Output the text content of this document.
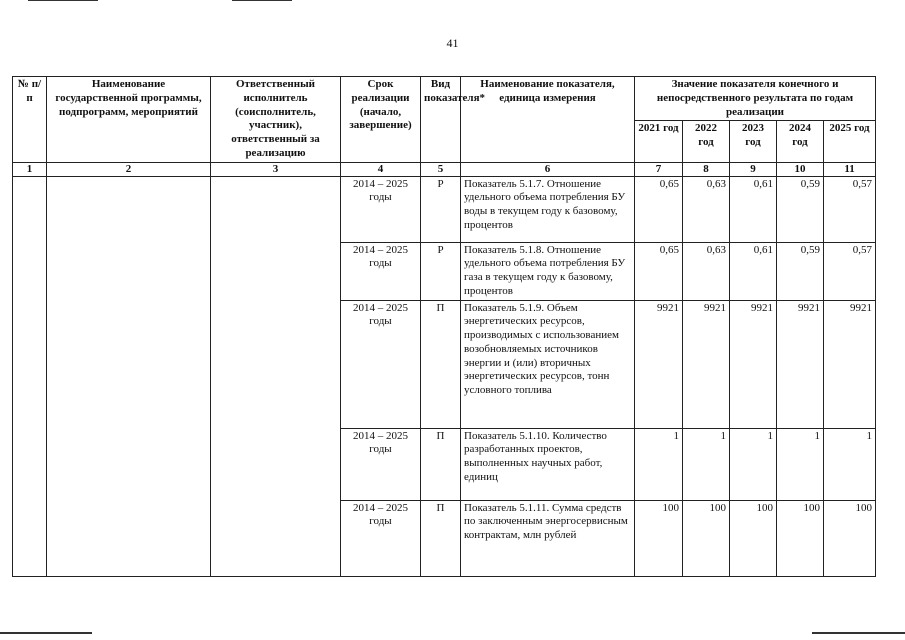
41
№ п/п	Наименование государственной программы, подпрограмм, мероприятий	Ответственный исполнитель (соисполнитель, участник), ответственный за реализацию	Срок реализации (начало, завершение)	Вид показателя*	Наименование показателя, единица измерения	Значение показателя конечного и непосредственного результата по годам реализации				
						2021 год	2022 год	2023 год	2024 год	2025 год
1	2	3	4	5	6	7	8	9	10	11
			2014 – 2025 годы	Р	Показатель 5.1.7. Отношение удельного объема потребления БУ воды в текущем году к базовому, процентов	0,65	0,63	0,61	0,59	0,57
			2014 – 2025 годы	Р	Показатель 5.1.8. Отношение удельного объема потребления БУ газа в текущем году к базовому, процентов	0,65	0,63	0,61	0,59	0,57
			2014 – 2025 годы	П	Показатель 5.1.9. Объем энергетических ресурсов, производимых с использованием возобновляемых источников энергии и (или) вторичных энергетических ресурсов, тонн условного топлива	9921	9921	9921	9921	9921
			2014 – 2025 годы	П	Показатель 5.1.10. Количество разработанных проектов, выполненных научных работ, единиц	1	1	1	1	1
			2014 – 2025 годы	П	Показатель 5.1.11. Сумма средств по заключенным энергосервисным контрактам, млн рублей	100	100	100	100	100
